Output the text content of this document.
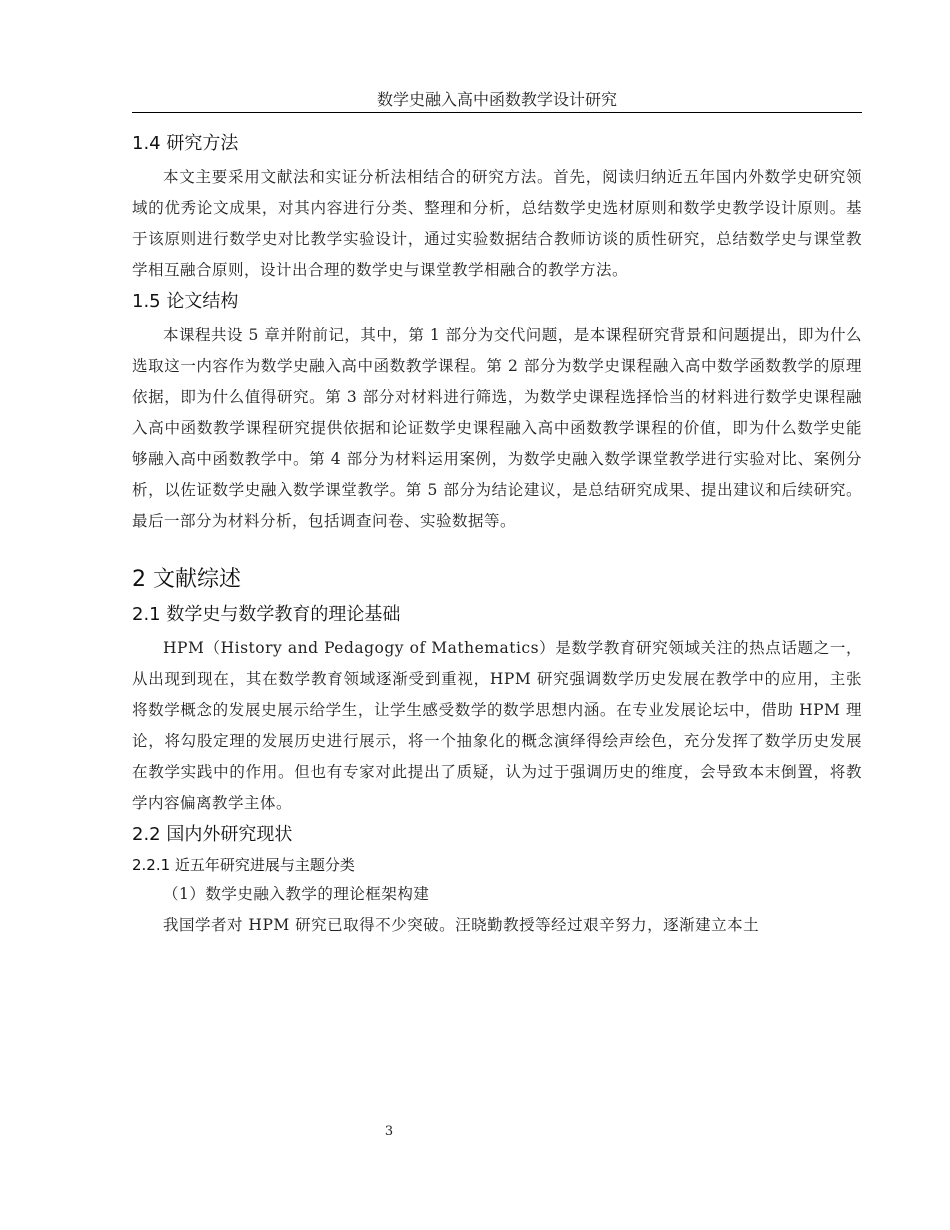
数学史融入高中函数教学设计研究
1.4 研究方法

本文主要采用文献法和实证分析法相结合的研究方法。首先，阅读归纳近五年国内外数学史研究领域的优秀论文成果，对其内容进行分类、整理和分析，总结数学史选材原则和数学史教学设计原则。基于该原则进行数学史对比教学实验设计，通过实验数据结合教师访谈的质性研究，总结数学史与课堂教学相互融合原则，设计出合理的数学史与课堂教学相融合的教学方法。

1.5 论文结构

本课程共设 5 章并附前记，其中，第 1 部分为交代问题，是本课程研究背景和问题提出，即为什么选取这一内容作为数学史融入高中函数教学课程。第 2 部分为数学史课程融入高中数学函数教学的原理依据，即为什么值得研究。第 3 部分对材料进行筛选，为数学史课程选择恰当的材料进行数学史课程融入高中函数教学课程研究提供依据和论证数学史课程融入高中函数教学课程的价值，即为什么数学史能够融入高中函数教学中。第 4 部分为材料运用案例，为数学史融入数学课堂教学进行实验对比、案例分析，以佐证数学史融入数学课堂教学。第 5 部分为结论建议，是总结研究成果、提出建议和后续研究。最后一部分为材料分析，包括调查问卷、实验数据等。

2 文献综述
2.1 数学史与数学教育的理论基础

HPM（History and Pedagogy of Mathematics）是数学教育研究领域关注的热点话题之一，从出现到现在，其在数学教育领域逐渐受到重视，HPM 研究强调数学历史发展在教学中的应用，主张将数学概念的发展史展示给学生，让学生感受数学的数学思想内涵。在专业发展论坛中，借助 HPM 理论，将勾股定理的发展历史进行展示，将一个抽象化的概念演绎得绘声绘色，充分发挥了数学历史发展在教学实践中的作用。但也有专家对此提出了质疑，认为过于强调历史的维度，会导致本末倒置，将教学内容偏离教学主体。

2.2 国内外研究现状
2.2.1 近五年研究进展与主题分类

（1）数学史融入教学的理论框架构建

我国学者对 HPM 研究已取得不少突破。汪晓勤教授等经过艰辛努力，逐渐建立本土

3
